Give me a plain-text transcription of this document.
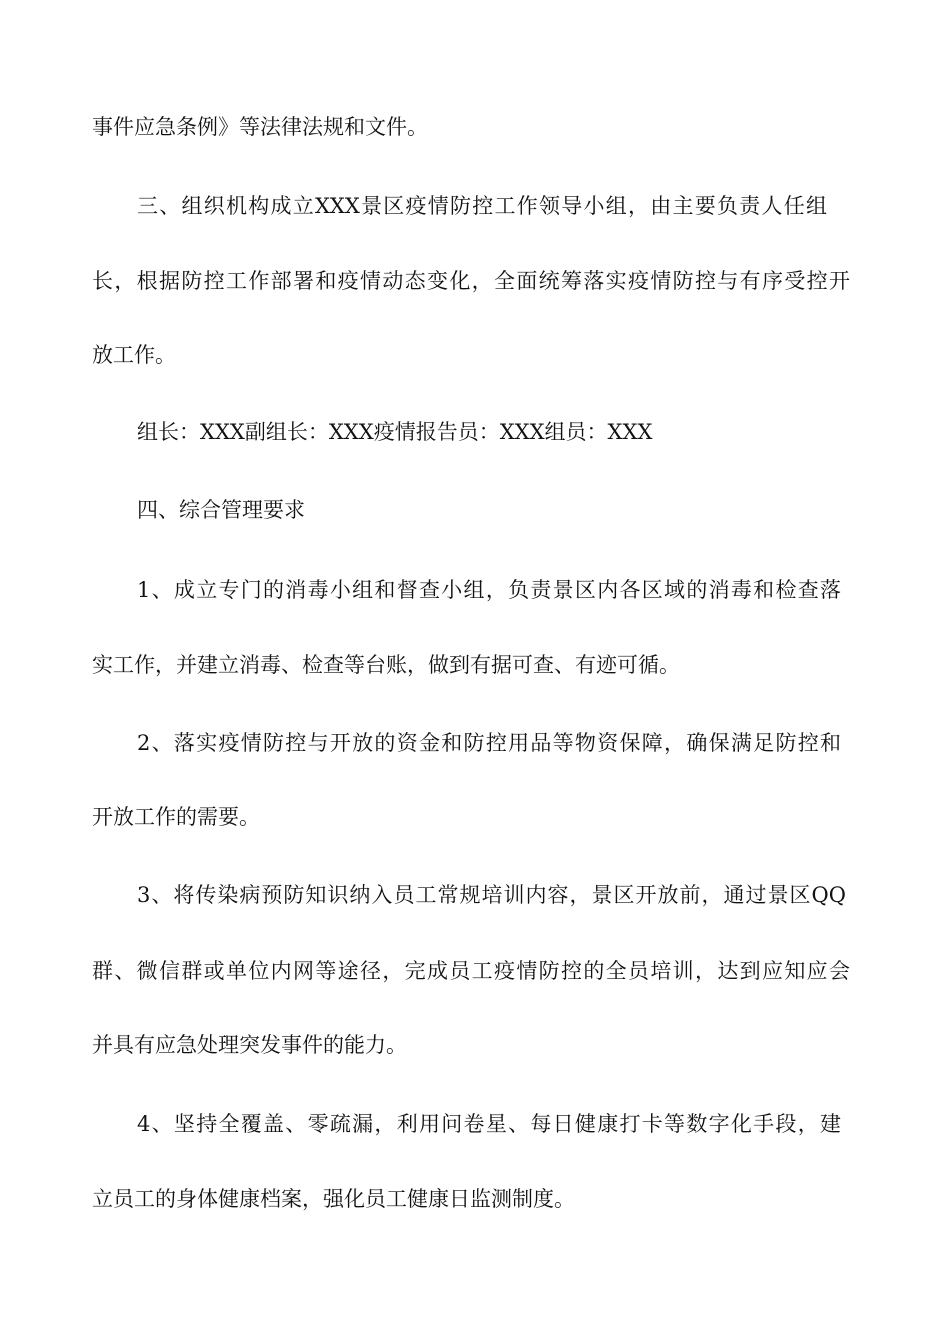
事件应急条例》等法律法规和文件。
三、组织机构成立XXX景区疫情防控工作领导小组，由主要负责人任组
长，根据防控工作部署和疫情动态变化，全面统筹落实疫情防控与有序受控开
放工作。
组长：XXX副组长：XXX疫情报告员：XXX组员：XXX
四、综合管理要求
1、成立专门的消毒小组和督查小组，负责景区内各区域的消毒和检查落
实工作，并建立消毒、检查等台账，做到有据可查、有迹可循。
2、落实疫情防控与开放的资金和防控用品等物资保障，确保满足防控和
开放工作的需要。
3、将传染病预防知识纳入员工常规培训内容，景区开放前，通过景区QQ
群、微信群或单位内网等途径，完成员工疫情防控的全员培训，达到应知应会
并具有应急处理突发事件的能力。
4、坚持全覆盖、零疏漏，利用问卷星、每日健康打卡等数字化手段，建
立员工的身体健康档案，强化员工健康日监测制度。
